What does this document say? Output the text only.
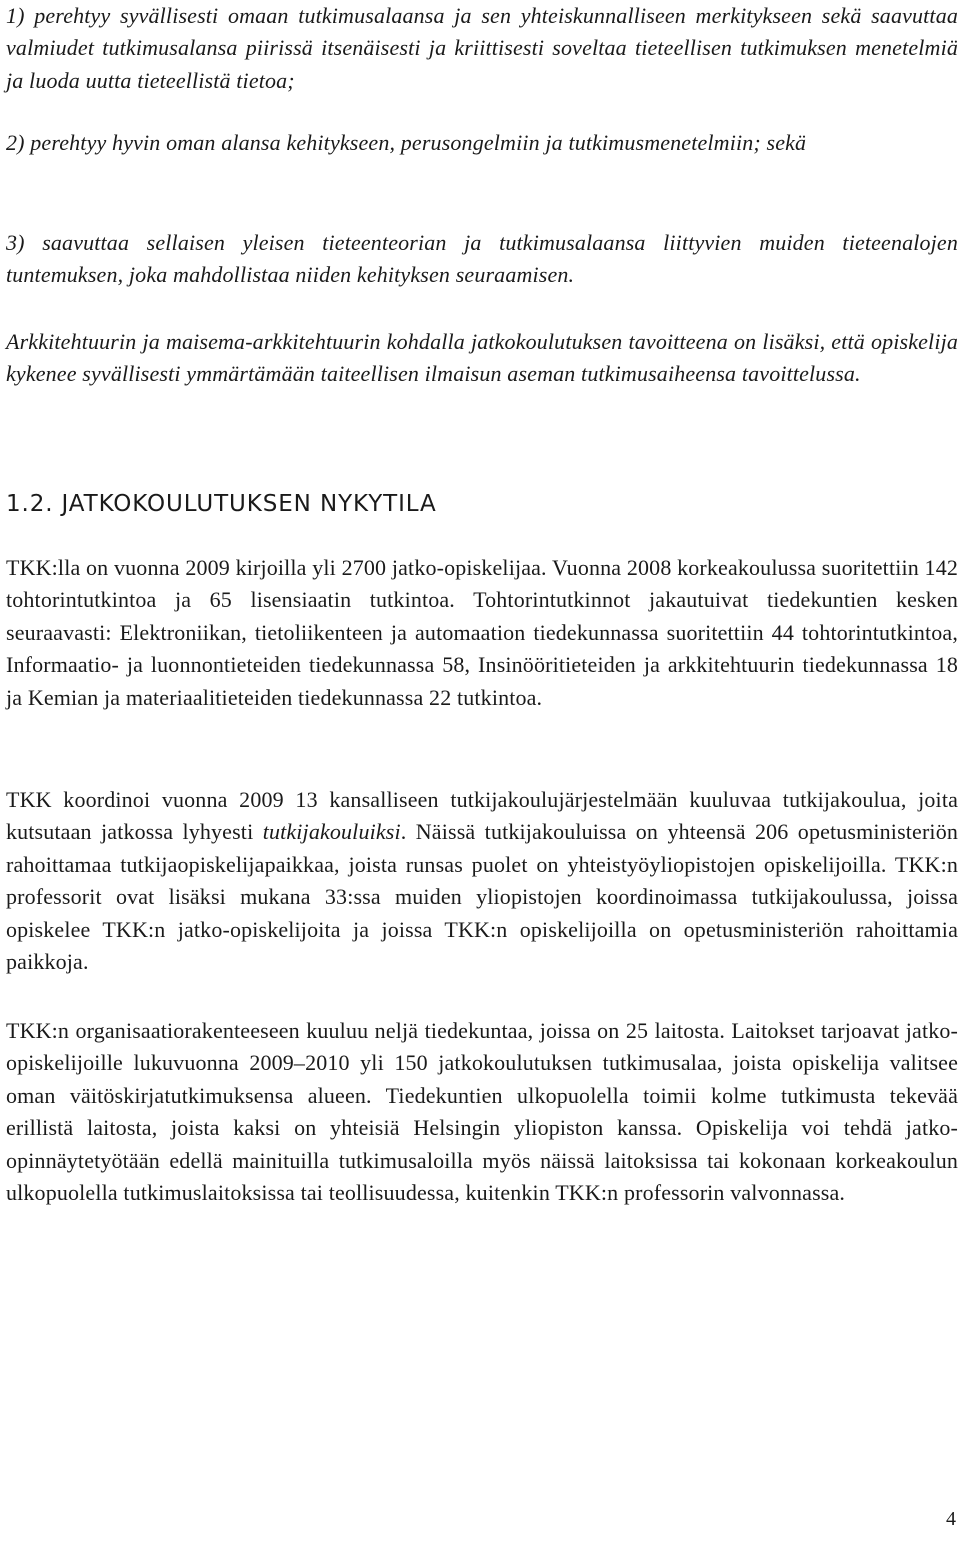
1) perehtyy syvällisesti omaan tutkimusalaansa ja sen yhteiskunnalliseen merkitykseen sekä saavuttaa valmiudet tutkimusalansa piirissä itsenäisesti ja kriittisesti soveltaa tieteellisen tutkimuksen menetelmiä ja luoda uutta tieteellistä tietoa;

2) perehtyy hyvin oman alansa kehitykseen, perusongelmiin ja tutkimusmenetelmiin; sekä

3) saavuttaa sellaisen yleisen tieteenteorian ja tutkimusalaansa liittyvien muiden tieteenalojen tuntemuksen, joka mahdollistaa niiden kehityksen seuraamisen.

Arkkitehtuurin ja maisema-arkkitehtuurin kohdalla jatkokoulutuksen tavoitteena on lisäksi, että opiskelija kykenee syvällisesti ymmärtämään taiteellisen ilmaisun aseman tutkimusaiheensa tavoittelussa.

1.2. JATKOKOULUTUKSEN NYKYTILA

TKK:lla on vuonna 2009 kirjoilla yli 2700 jatko-opiskelijaa. Vuonna 2008 korkeakoulussa suoritettiin 142 tohtorintutkintoa ja 65 lisensiaatin tutkintoa. Tohtorintutkinnot jakautuivat tiedekuntien kesken seuraavasti: Elektroniikan, tietoliikenteen ja automaation tiedekunnassa suoritettiin 44 tohtorintutkintoa, Informaatio- ja luonnontieteiden tiedekunnassa 58, Insinööritieteiden ja arkkitehtuurin tiedekunnassa 18 ja Kemian ja materiaalitieteiden tiedekunnassa 22 tutkintoa.

TKK koordinoi vuonna 2009 13 kansalliseen tutkijakoulujärjestelmään kuuluvaa tutkijakoulua, joita kutsutaan jatkossa lyhyesti tutkijakouluiksi. Näissä tutkijakouluissa on yhteensä 206 opetusministeriön rahoittamaa tutkijaopiskelijapaikkaa, joista runsas puolet on yhteistyöyliopistojen opiskelijoilla. TKK:n professorit ovat lisäksi mukana 33:ssa muiden yliopistojen koordinoimassa tutkijakoulussa, joissa opiskelee TKK:n jatko-opiskelijoita ja joissa TKK:n opiskelijoilla on opetusministeriön rahoittamia paikkoja.

TKK:n organisaatiorakenteeseen kuuluu neljä tiedekuntaa, joissa on 25 laitosta. Laitokset tarjoavat jatko-opiskelijoille lukuvuonna 2009–2010 yli 150 jatkokoulutuksen tutkimusalaa, joista opiskelija valitsee oman väitöskirjatutkimuksensa alueen. Tiedekuntien ulkopuolella toimii kolme tutkimusta tekevää erillistä laitosta, joista kaksi on yhteisiä Helsingin yliopiston kanssa. Opiskelija voi tehdä jatko-opinnäytetyötään edellä mainituilla tutkimusaloilla myös näissä laitoksissa tai kokonaan korkeakoulun ulkopuolella tutkimuslaitoksissa tai teollisuudessa, kuitenkin TKK:n professorin valvonnassa.

4
